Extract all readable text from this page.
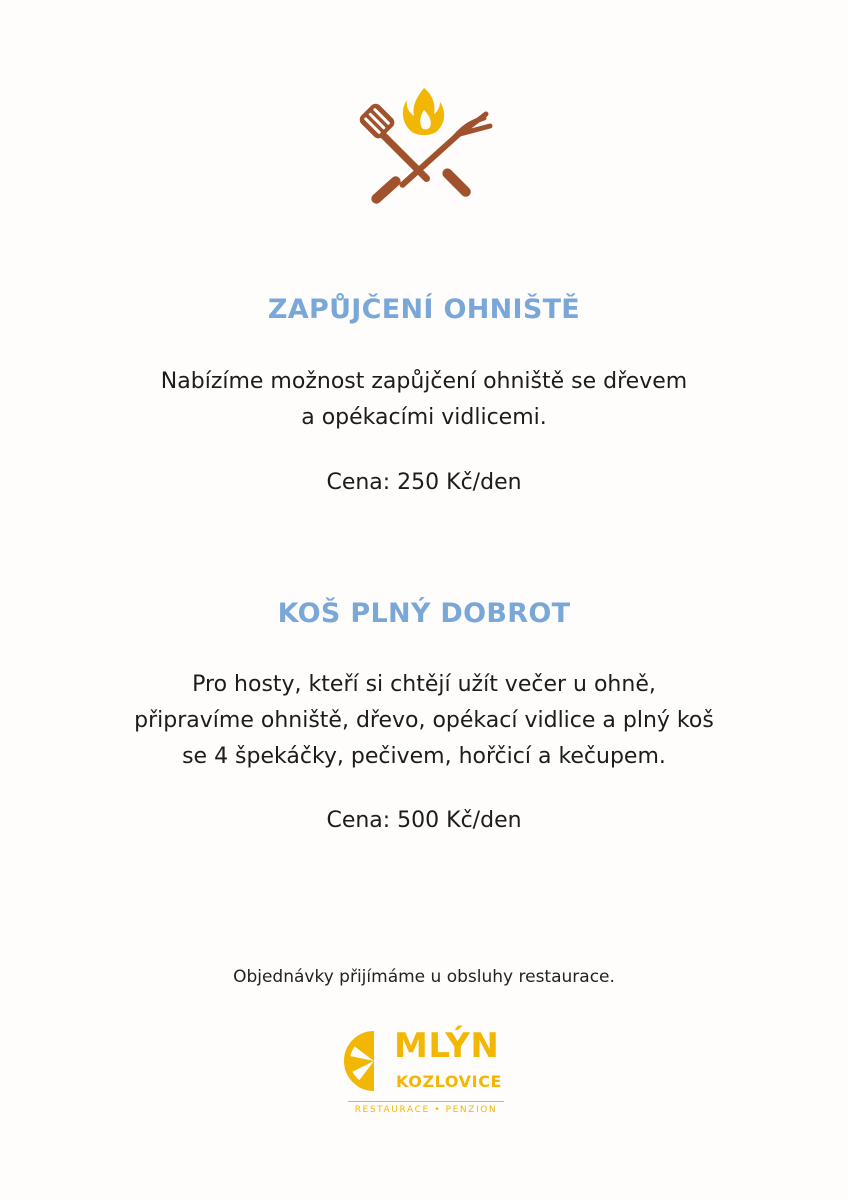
ZAPŮJČENÍ OHNIŠTĚ
Nabízíme možnost zapůjčení ohniště se dřevem
a opékacími vidlicemi.
Cena: 250 Kč/den
KOŠ PLNÝ DOBROT
Pro hosty, kteří si chtějí užít večer u ohně,
připravíme ohniště, dřevo, opékací vidlice a plný koš
se 4 špekáčky, pečivem, hořčicí a kečupem.
Cena: 500 Kč/den
Objednávky přijímáme u obsluhy restaurace.
MLÝN
KOZLOVICE
RESTAURACE • PENZION
